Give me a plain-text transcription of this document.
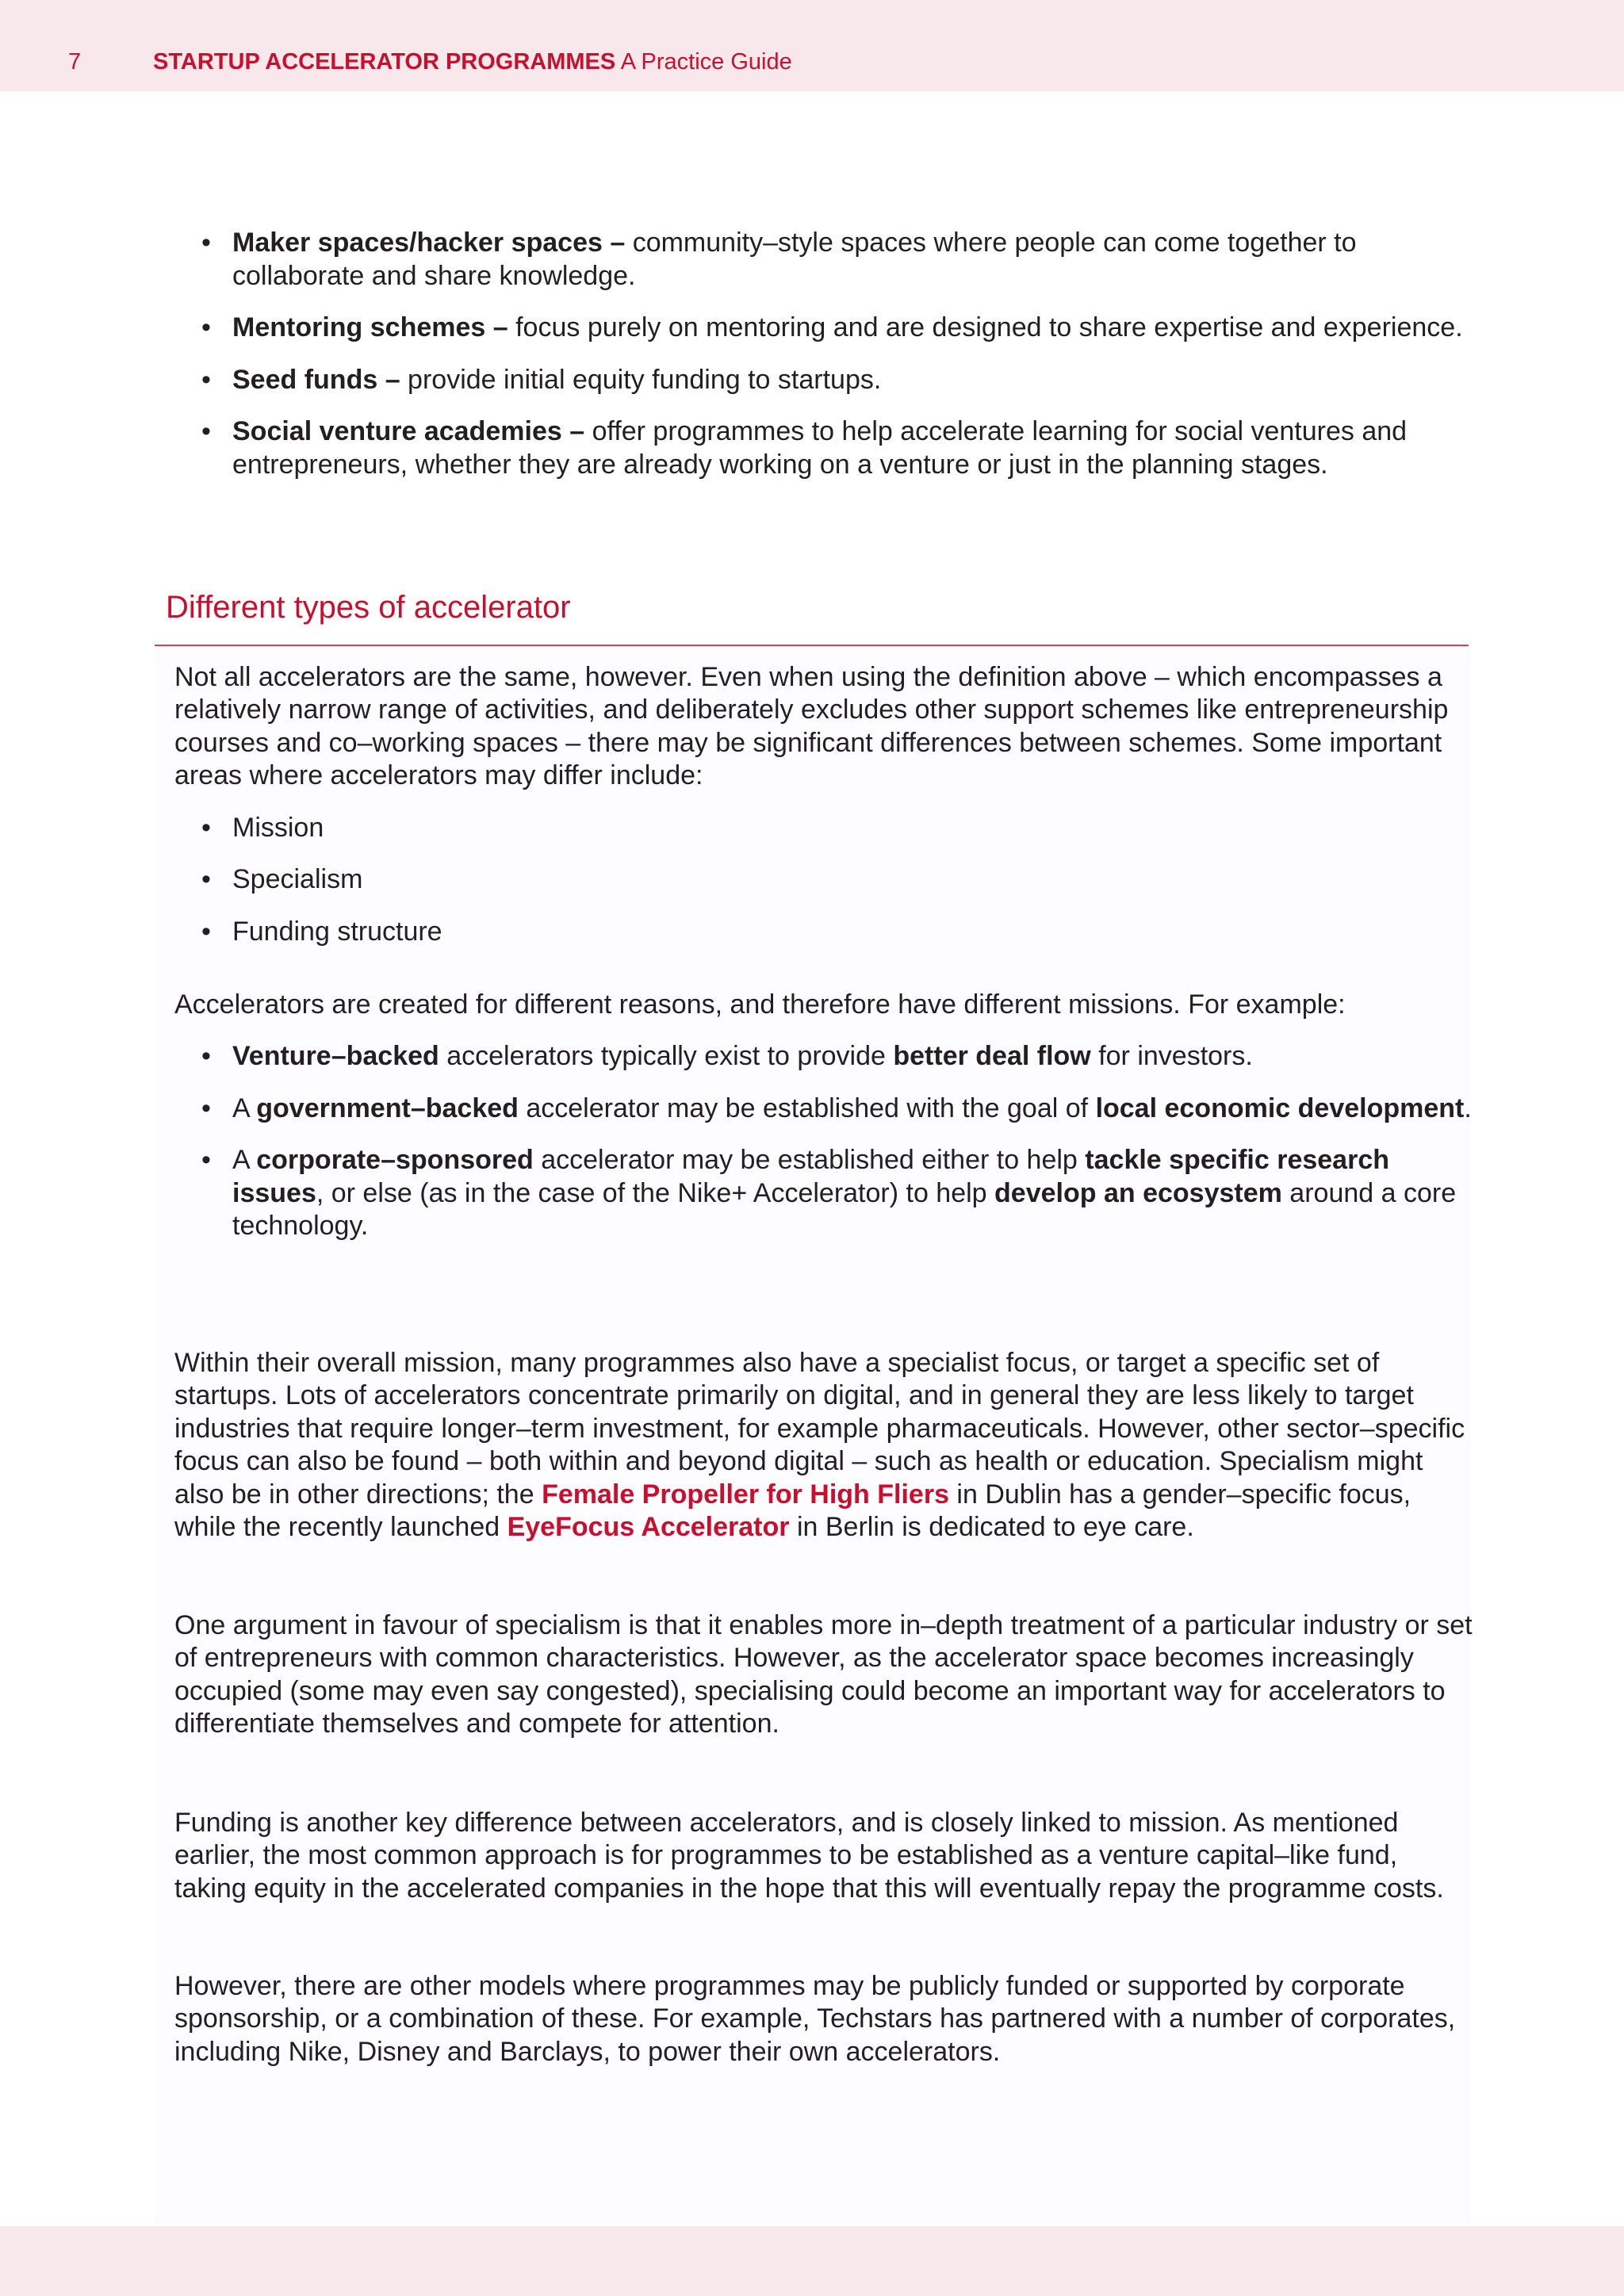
7	STARTUP ACCELERATOR PROGRAMMES A Practice Guide
• Maker spaces/hacker spaces – community–style spaces where people can come together to collaborate and share knowledge.
• Mentoring schemes – focus purely on mentoring and are designed to share expertise and experience.
• Seed funds – provide initial equity funding to startups.
• Social venture academies – offer programmes to help accelerate learning for social ventures and entrepreneurs, whether they are already working on a venture or just in the planning stages.
Different types of accelerator

Not all accelerators are the same, however. Even when using the definition above – which encompasses a relatively narrow range of activities, and deliberately excludes other support schemes like entrepreneurship courses and co–working spaces – there may be significant differences between schemes. Some important areas where accelerators may differ include:

• Mission
• Specialism
• Funding structure

Accelerators are created for different reasons, and therefore have different missions. For example:

• Venture–backed accelerators typically exist to provide better deal flow for investors.
• A government–backed accelerator may be established with the goal of local economic development.
• A corporate–sponsored accelerator may be established either to help tackle specific research issues, or else (as in the case of the Nike+ Accelerator) to help develop an ecosystem around a core technology.

Within their overall mission, many programmes also have a specialist focus, or target a specific set of startups. Lots of accelerators concentrate primarily on digital, and in general they are less likely to target industries that require longer–term investment, for example pharmaceuticals. However, other sector–specific focus can also be found – both within and beyond digital – such as health or education. Specialism might also be in other directions; the Female Propeller for High Fliers in Dublin has a gender–specific focus, while the recently launched EyeFocus Accelerator in Berlin is dedicated to eye care.

One argument in favour of specialism is that it enables more in–depth treatment of a particular industry or set of entrepreneurs with common characteristics. However, as the accelerator space becomes increasingly occupied (some may even say congested), specialising could become an important way for accelerators to differentiate themselves and compete for attention.

Funding is another key difference between accelerators, and is closely linked to mission. As mentioned earlier, the most common approach is for programmes to be established as a venture capital–like fund, taking equity in the accelerated companies in the hope that this will eventually repay the programme costs.

However, there are other models where programmes may be publicly funded or supported by corporate sponsorship, or a combination of these. For example, Techstars has partnered with a number of corporates, including Nike, Disney and Barclays, to power their own accelerators.
